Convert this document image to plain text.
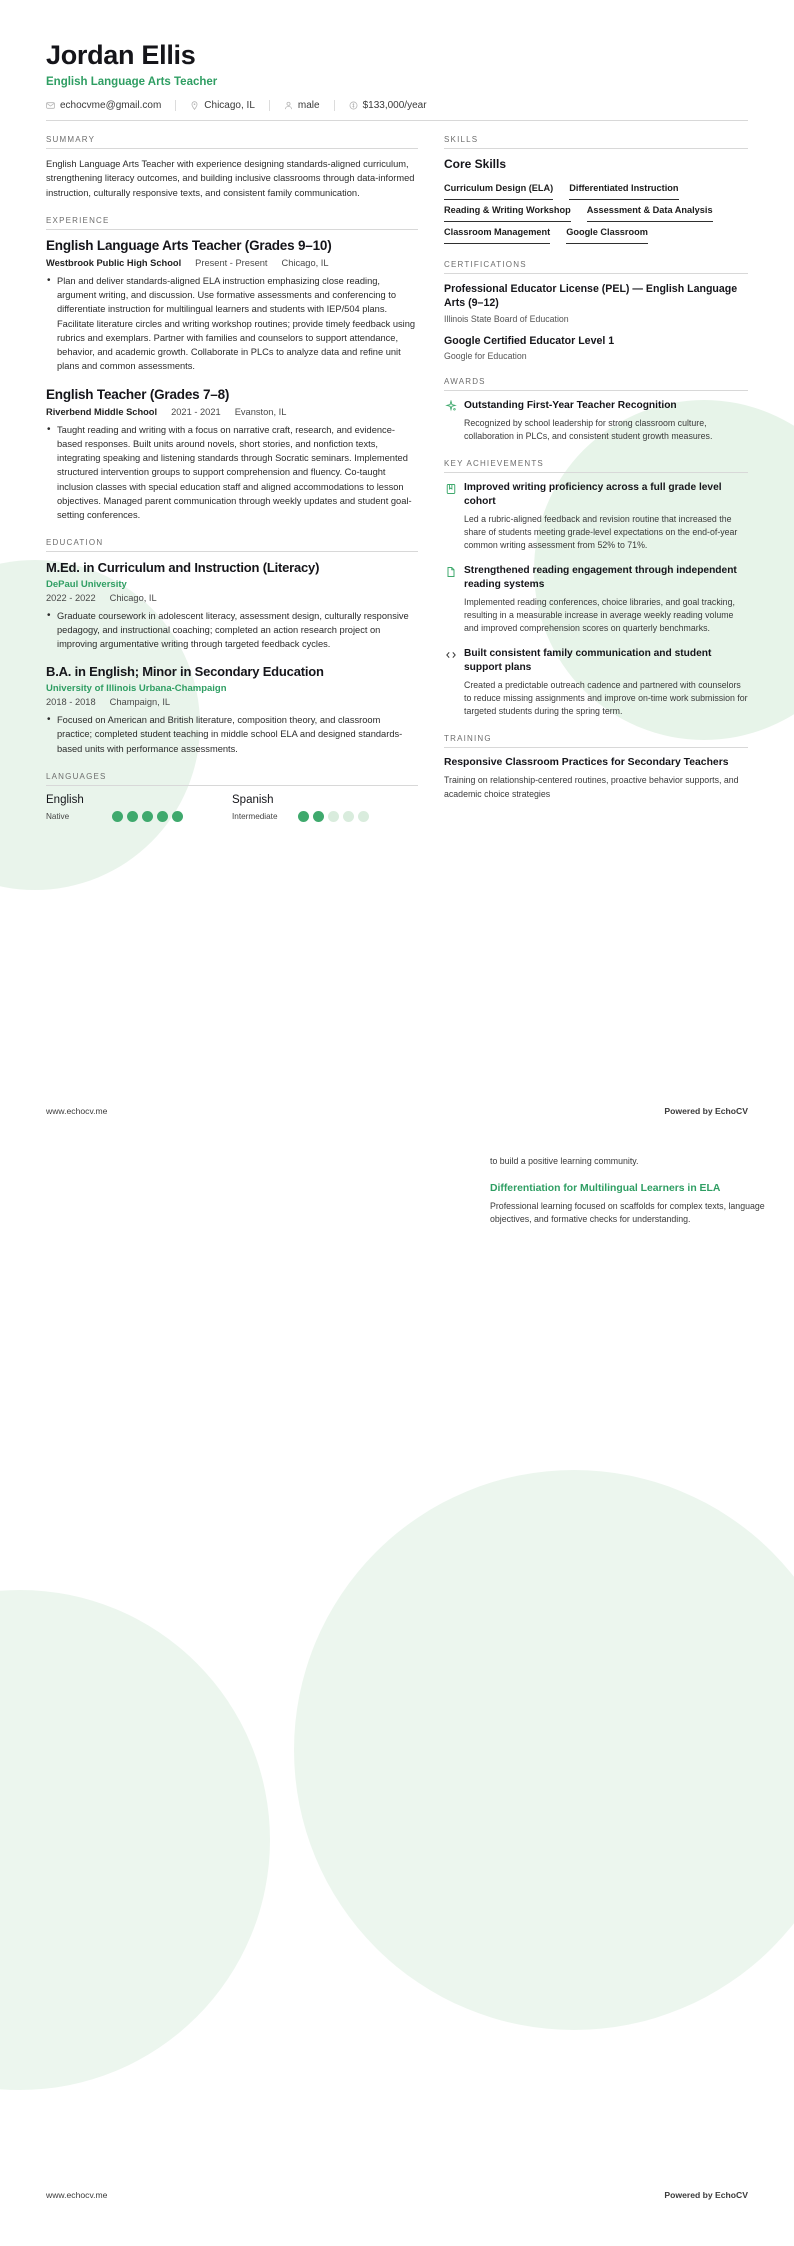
Jordan Ellis
English Language Arts Teacher
echocvme@gmail.com	Chicago, IL	male	$133,000/year
SUMMARY
English Language Arts Teacher with experience designing standards-aligned curriculum, strengthening literacy outcomes, and building inclusive classrooms through data-informed instruction, culturally responsive texts, and consistent family communication.
EXPERIENCE
English Language Arts Teacher (Grades 9–10)
Westbrook Public High School Present - Present Chicago, IL
• Plan and deliver standards-aligned ELA instruction emphasizing close reading, argument writing, and discussion. Use formative assessments and conferencing to differentiate instruction for multilingual learners and students with IEP/504 plans. Facilitate literature circles and writing workshop routines; provide timely feedback using rubrics and exemplars. Partner with families and counselors to support attendance, behavior, and academic growth. Collaborate in PLCs to analyze data and refine unit plans and common assessments.
English Teacher (Grades 7–8)
Riverbend Middle School 2021 - 2021 Evanston, IL
• Taught reading and writing with a focus on narrative craft, research, and evidence-based responses. Built units around novels, short stories, and nonfiction texts, integrating speaking and listening standards through Socratic seminars. Implemented structured intervention groups to support comprehension and fluency. Co-taught inclusion classes with special education staff and aligned accommodations to lesson objectives. Managed parent communication through weekly updates and student goal-setting conferences.
EDUCATION
M.Ed. in Curriculum and Instruction (Literacy)
DePaul University
2022 - 2022 Chicago, IL
• Graduate coursework in adolescent literacy, assessment design, culturally responsive pedagogy, and instructional coaching; completed an action research project on improving argumentative writing through targeted feedback cycles.
B.A. in English; Minor in Secondary Education
University of Illinois Urbana-Champaign
2018 - 2018 Champaign, IL
• Focused on American and British literature, composition theory, and classroom practice; completed student teaching in middle school ELA and designed standards-based units with performance assessments.
LANGUAGES
English
Native
Spanish
Intermediate
SKILLS
Core Skills
Curriculum Design (ELA) Differentiated Instruction
Reading & Writing Workshop Assessment & Data Analysis
Classroom Management Google Classroom
CERTIFICATIONS
Professional Educator License (PEL) — English Language Arts (9–12)
Illinois State Board of Education
Google Certified Educator Level 1
Google for Education
AWARDS
Outstanding First-Year Teacher Recognition
Recognized by school leadership for strong classroom culture, collaboration in PLCs, and consistent student growth measures.
KEY ACHIEVEMENTS
Improved writing proficiency across a full grade level cohort
Led a rubric-aligned feedback and revision routine that increased the share of students meeting grade-level expectations on the end-of-year common writing assessment from 52% to 71%.
Strengthened reading engagement through independent reading systems
Implemented reading conferences, choice libraries, and goal tracking, resulting in a measurable increase in average weekly reading volume and improved comprehension scores on quarterly benchmarks.
Built consistent family communication and student support plans
Created a predictable outreach cadence and partnered with counselors to reduce missing assignments and improve on-time work submission for targeted students during the spring term.
TRAINING
Responsive Classroom Practices for Secondary Teachers
Training on relationship-centered routines, proactive behavior supports, and academic choice strategies
to build a positive learning community.
Differentiation for Multilingual Learners in ELA
Professional learning focused on scaffolds for complex texts, language objectives, and formative checks for understanding.
www.echocv.me	Powered by EchoCV
www.echocv.me	Powered by EchoCV
